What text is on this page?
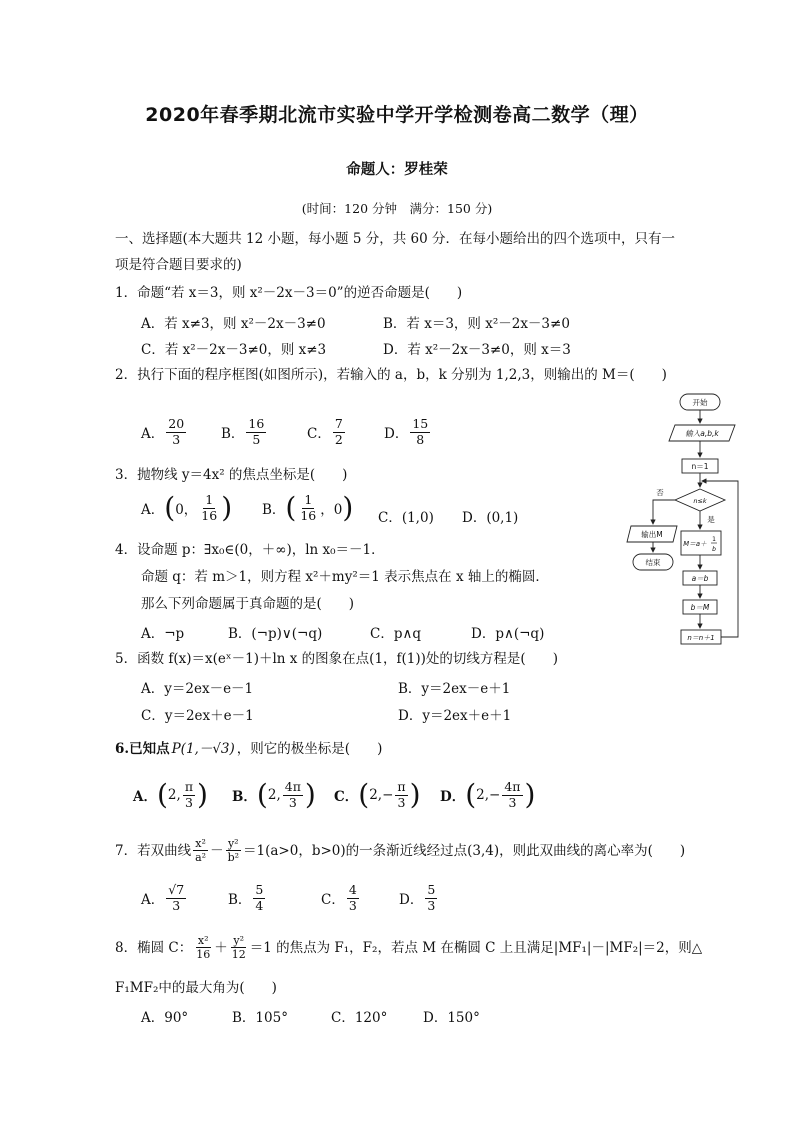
2020年春季期北流市实验中学开学检测卷高二数学（理）
命题人：罗桂荣
(时间：120 分钟　满分：150 分)
一、选择题(本大题共 12 小题，每小题 5 分，共 60 分．在每小题给出的四个选项中，只有一
项是符合题目要求的)
1．命题“若 x＝3，则 x²－2x－3＝0”的逆否命题是(　　)
A．若 x≠3，则 x²－2x－3≠0	B．若 x＝3，则 x²－2x－3≠0
C．若 x²－2x－3≠0，则 x≠3	D．若 x²－2x－3≠0，则 x＝3
2．执行下面的程序框图(如图所示)，若输入的 a，b，k 分别为 1,2,3，则输出的 M＝(　　)
A． $\frac{20}{3}$	B． $\frac{16}{5}$	C． $\frac{7}{2}$	D． $\frac{15}{8}$
3．抛物线 y＝4x² 的焦点坐标是(　　)
A． ( 0， $\frac{1}{16}$ ) B． ( $\frac{1}{16}$ ，0 ) C．(1,0) D．(0,1)
4．设命题 p：∃x₀∈(0，＋∞)，ln x₀＝－1．
命题 q：若 m＞1，则方程 x²＋my²＝1 表示焦点在 x 轴上的椭圆．
那么下列命题属于真命题的是(　　)
A．¬p	B．(¬p)∨(¬q)	C．p∧q	D．p∧(¬q)
5．函数 f(x)＝x(eˣ－1)＋ln x 的图象在点(1，f(1))处的切线方程是(　　)
A．y＝2ex－e－1	B．y＝2ex－e＋1
C．y＝2ex＋e－1	D．y＝2ex＋e＋1
6.已知点 P(1,－√3) ，则它的极坐标是(　　)
A． ( 2, $\frac{\pi}{3}$ ) B． ( 2, $\frac{4\pi}{3}$ ) C． ( $2,- \frac{\pi}{3}$ ) D． ( $2,- \frac{4\pi}{3}$ )
7．若双曲线 $\frac{\text{x²}}{\text{a²}} - \frac{\text{y²}}{\text{b²}} =1(a>0$，b>0)的一条渐近线经过点(3,4)，则此双曲线的离心率为(　　)
A． $\frac{√7}{3}$	B． $\frac{5}{4}$	C． $\frac{4}{3}$	D． $\frac{5}{3}$
8．椭圆 C： $\frac{\text{x²}}{16} + \frac{\text{y²}}{12} =1$ 的焦点为 F₁，F₂，若点 M 在椭圆 C 上且满足|MF₁|－|MF₂|＝2，则△
F₁MF₂中的最大角为(　　)
A．90°	B．105°	C．120°	D．150°
开始
输入a,b,k
n＝1
n≤k
否
是
输出M
结束
M＝a＋
1
b
a＝b
b＝M
n＝n＋1
